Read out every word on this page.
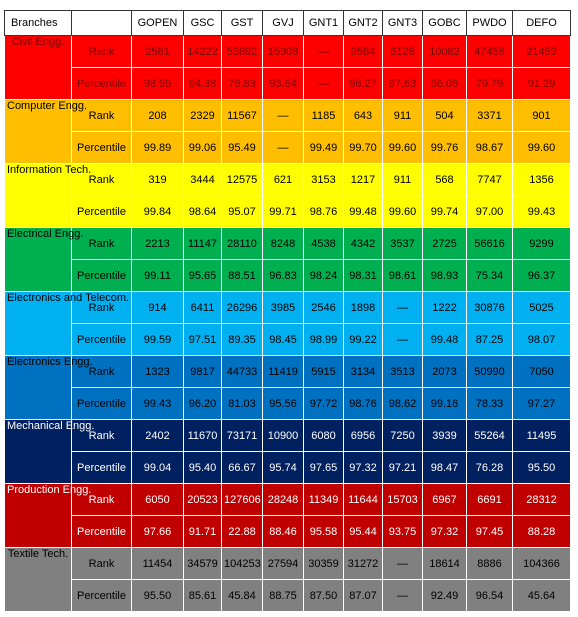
Branches		GOPEN	GSC	GST	GVJ	GNT1	GNT2	GNT3	GOBC	PWDO	DEFO
Civil Engg.	Rank	2581	14222	53892	15908	—	9584	6126	10082	47458	21459
	Percentile	98.99	94.38	76.83	93.64	—	96.27	97.63	96.06	79.79	91.29
Computer Engg.	Rank	208	2329	11567	—	1185	643	911	504	3371	901
	Percentile	99.89	99.06	95.49	—	99.49	99.70	99.60	99.76	98.67	99.60
Information Tech.	Rank	319	3444	12575	621	3153	1217	911	568	7747	1356
	Percentile	99.84	98.64	95.07	99.71	98.76	99.48	99.60	99.74	97.00	99.43
Electrical Engg.	Rank	2213	11147	28110	8248	4538	4342	3537	2725	56616	9299
	Percentile	99.11	95.65	88.51	96.83	98.24	98.31	98.61	98.93	75.34	96.37
Electronics and Telecom.	Rank	914	6411	26296	3985	2546	1898	—	1222	30876	5025
	Percentile	99.59	97.51	89.35	98.45	98.99	99.22	—	99.48	87.25	98.07
Electronics Engg.	Rank	1323	9817	44733	11419	5915	3134	3513	2073	50990	7050
	Percentile	99.43	96.20	81.03	95.56	97.72	98.76	98.62	99.16	78.33	97.27
Mechanical Engg.	Rank	2402	11670	73171	10900	6080	6956	7250	3939	55264	11495
	Percentile	99.04	95.40	66.67	95.74	97.65	97.32	97.21	98.47	76.28	95.50
Production Engg.	Rank	6050	20523	127606	28248	11349	11644	15703	6967	6691	28312
	Percentile	97.66	91.71	22.88	88.46	95.58	95.44	93.75	97.32	97.45	88.28
Textile Tech.	Rank	11454	34579	104253	27594	30359	31272	—	18614	8886	104366
	Percentile	95.50	85.61	45.84	88.75	87.50	87.07	—	92.49	96.54	45.64
